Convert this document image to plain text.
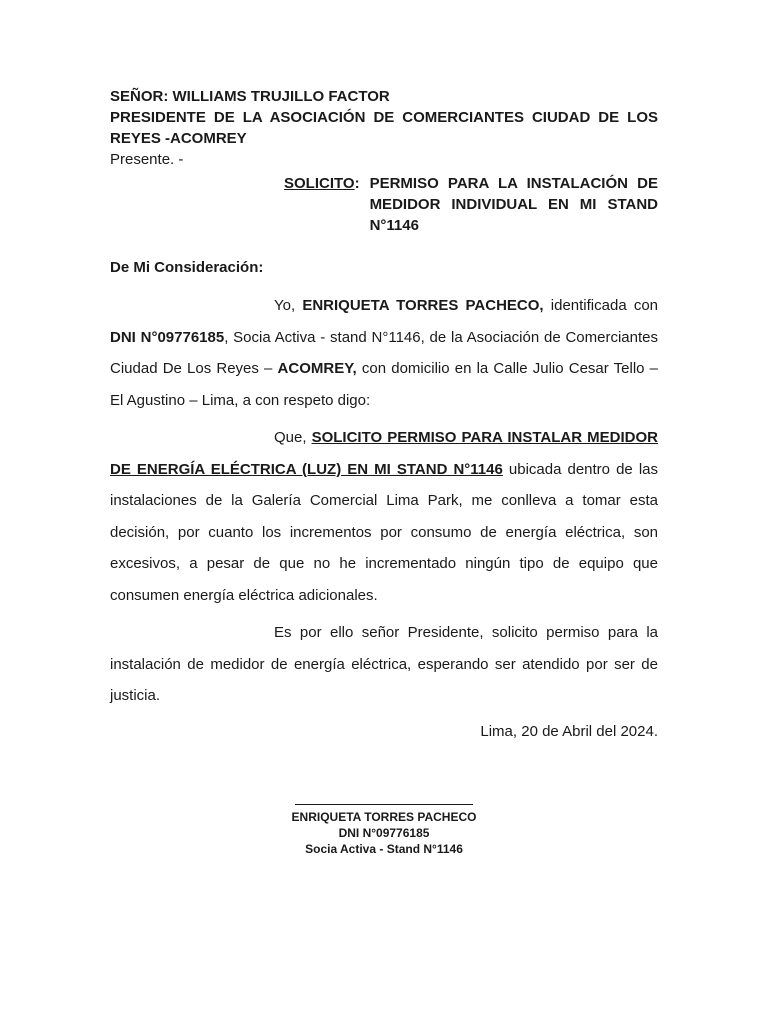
SEÑOR: WILLIAMS TRUJILLO FACTOR
PRESIDENTE DE LA ASOCIACIÓN DE COMERCIANTES CIUDAD DE LOS REYES -ACOMREY
Presente. -
SOLICITO: PERMISO PARA LA INSTALACIÓN DE MEDIDOR INDIVIDUAL EN MI STAND N°1146
De Mi Consideración:

Yo, ENRIQUETA TORRES PACHECO, identificada con DNI N°09776185, Socia Activa - stand N°1146, de la Asociación de Comerciantes Ciudad De Los Reyes – ACOMREY, con domicilio en la Calle Julio Cesar Tello – El Agustino – Lima, a con respeto digo:

Que, SOLICITO PERMISO PARA INSTALAR MEDIDOR DE ENERGÍA ELÉCTRICA (LUZ) EN MI STAND N°1146 ubicada dentro de las instalaciones de la Galería Comercial Lima Park, me conlleva a tomar esta decisión, por cuanto los incrementos por consumo de energía eléctrica, son excesivos, a pesar de que no he incrementado ningún tipo de equipo que consumen energía eléctrica adicionales.

Es por ello señor Presidente, solicito permiso para la instalación de medidor de energía eléctrica, esperando ser atendido por ser de justicia.

Lima, 20 de Abril del 2024.
ENRIQUETA TORRES PACHECO
DNI N°09776185
Socia Activa - Stand N°1146
